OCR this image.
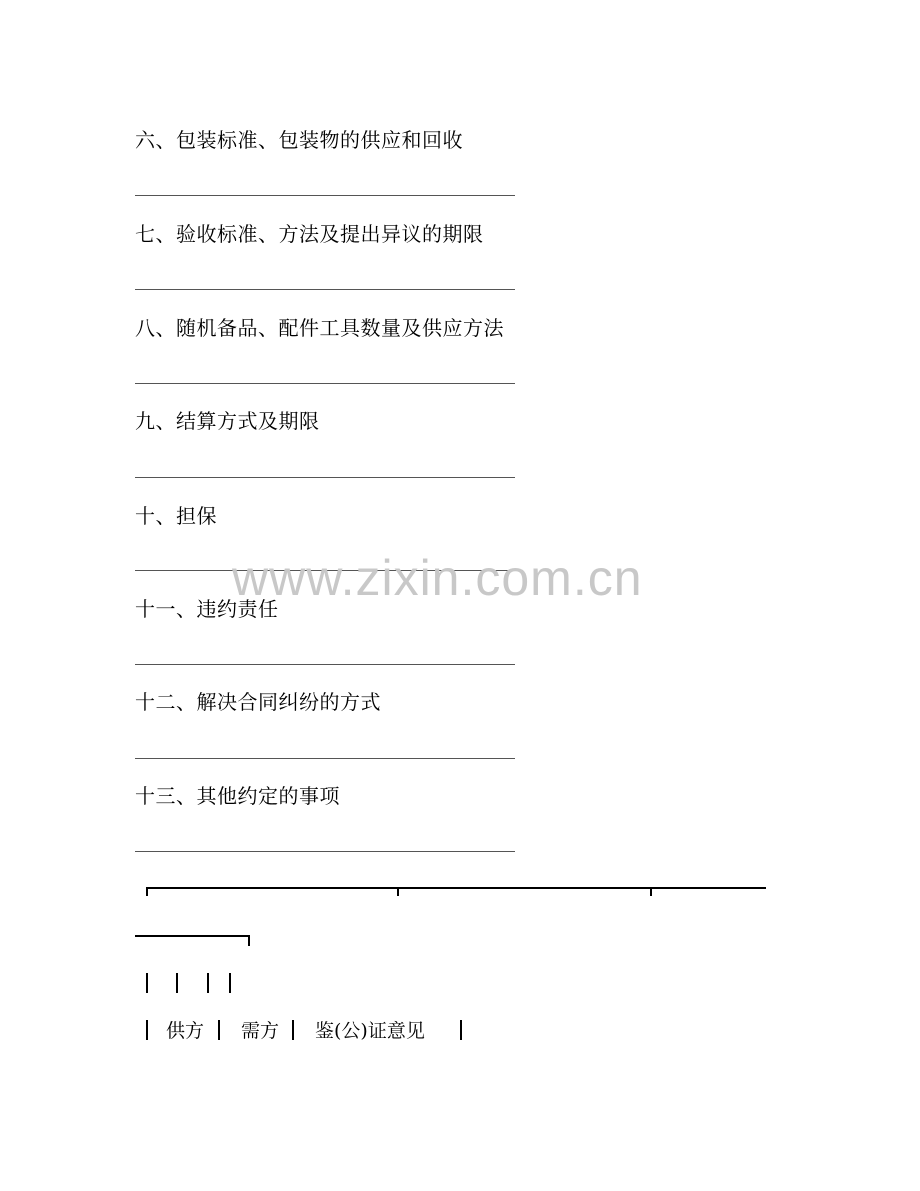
六、包装标准、包装物的供应和回收
七、验收标准、方法及提出异议的期限
八、随机备品、配件工具数量及供应方法
九、结算方式及期限
十、担保
十一、违约责任
十二、解决合同纠纷的方式
十三、其他约定的事项
www.zixin.com.cn
供方 需方 鉴(公)证意见
